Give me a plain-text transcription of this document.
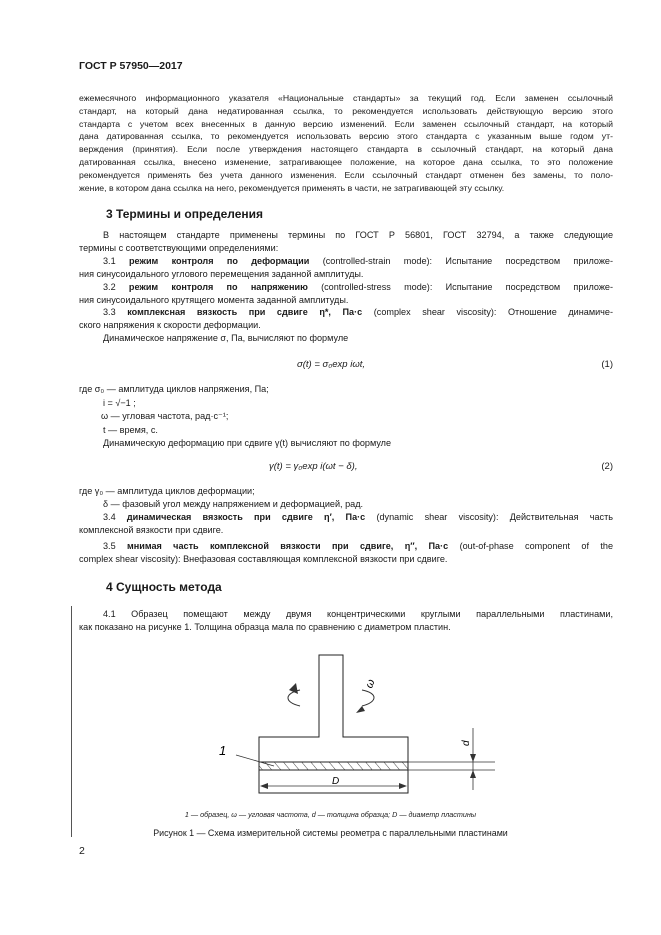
ГОСТ Р 57950—2017
ежемесячного информационного указателя «Национальные стандарты» за текущий год. Если заменен ссылочный
стандарт, на который дана недатированная ссылка, то рекомендуется использовать действующую версию этого
стандарта с учетом всех внесенных в данную версию изменений. Если заменен ссылочный стандарт, на который
дана датированная ссылка, то рекомендуется использовать версию этого стандарта с указанным выше годом ут-
верждения (принятия). Если после утверждения настоящего стандарта в ссылочный стандарт, на который дана
датированная ссылка, внесено изменение, затрагивающее положение, на которое дана ссылка, то это положение
рекомендуется применять без учета данного изменения. Если ссылочный стандарт отменен без замены, то поло-
жение, в котором дана ссылка на него, рекомендуется применять в части, не затрагивающей эту ссылку.
3 Термины и определения
В настоящем стандарте применены термины по ГОСТ Р 56801, ГОСТ 32794, а также следующие
термины с соответствующими определениями:
3.1 режим контроля по деформации (controlled-strain mode): Испытание посредством приложе-
ния синусоидального углового перемещения заданной амплитуды.
3.2 режим контроля по напряжению (controlled-stress mode): Испытание посредством приложе-
ния синусоидального крутящего момента заданной амплитуды.
3.3 комплексная вязкость при сдвиге η*, Па·с (complex shear viscosity): Отношение динамиче-
ского напряжения к скорости деформации.
Динамическое напряжение σ, Па, вычисляют по формуле
σ(t) = σ₀exp iωt,	(1)
где σ₀ — амплитуда циклов напряжения, Па;
i = √−1 ;
ω — угловая частота, рад·с⁻¹;
t — время, с.
Динамическую деформацию при сдвиге γ(t) вычисляют по формуле
γ(t) = γ₀exp i(ωt − δ),	(2)
где γ₀ — амплитуда циклов деформации;
δ — фазовый угол между напряжением и деформацией, рад.
3.4 динамическая вязкость при сдвиге η′, Па·с (dynamic shear viscosity): Действительная часть
комплексной вязкости при сдвиге.
3.5 мнимая часть комплексной вязкости при сдвиге, η″, Па·с (out-of-phase component of the
complex shear viscosity): Внефазовая составляющая комплексной вязкости при сдвиге.
4 Сущность метода
4.1 Образец помещают между двумя концентрическими круглыми параллельными пластинами,
как показано на рисунке 1. Толщина образца мала по сравнению с диаметром пластин.
1
ω
d
D
1 — образец, ω — угловая частота, d — толщина образца; D — диаметр пластины
Рисунок 1 — Схема измерительной системы реометра с параллельными пластинами
2
